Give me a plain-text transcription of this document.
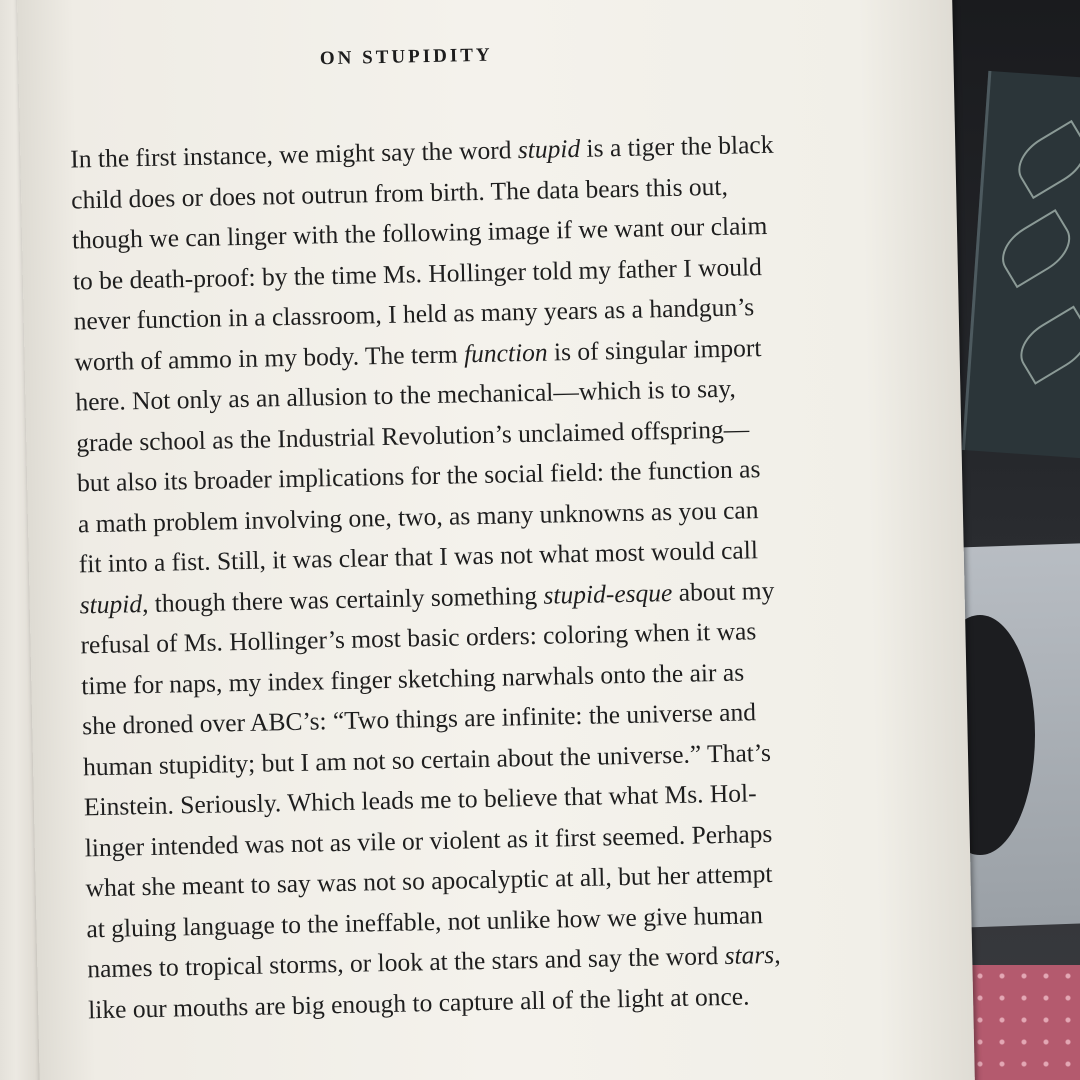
ON STUPIDITY
In the first instance, we might say the word stupid is a tiger the black
child does or does not outrun from birth. The data bears this out,
though we can linger with the following image if we want our claim
to be death-proof: by the time Ms. Hollinger told my father I would
never function in a classroom, I held as many years as a handgun’s
worth of ammo in my body. The term function is of singular import
here. Not only as an allusion to the mechanical—which is to say,
grade school as the Industrial Revolution’s unclaimed offspring—
but also its broader implications for the social field: the function as
a math problem involving one, two, as many unknowns as you can
fit into a fist. Still, it was clear that I was not what most would call
stupid, though there was certainly something stupid-esque about my
refusal of Ms. Hollinger’s most basic orders: coloring when it was
time for naps, my index finger sketching narwhals onto the air as
she droned over ABC’s: “Two things are infinite: the universe and
human stupidity; but I am not so certain about the universe.” That’s
Einstein. Seriously. Which leads me to believe that what Ms. Hol-
linger intended was not as vile or violent as it first seemed. Perhaps
what she meant to say was not so apocalyptic at all, but her attempt
at gluing language to the ineffable, not unlike how we give human
names to tropical storms, or look at the stars and say the word stars,
like our mouths are big enough to capture all of the light at once.
